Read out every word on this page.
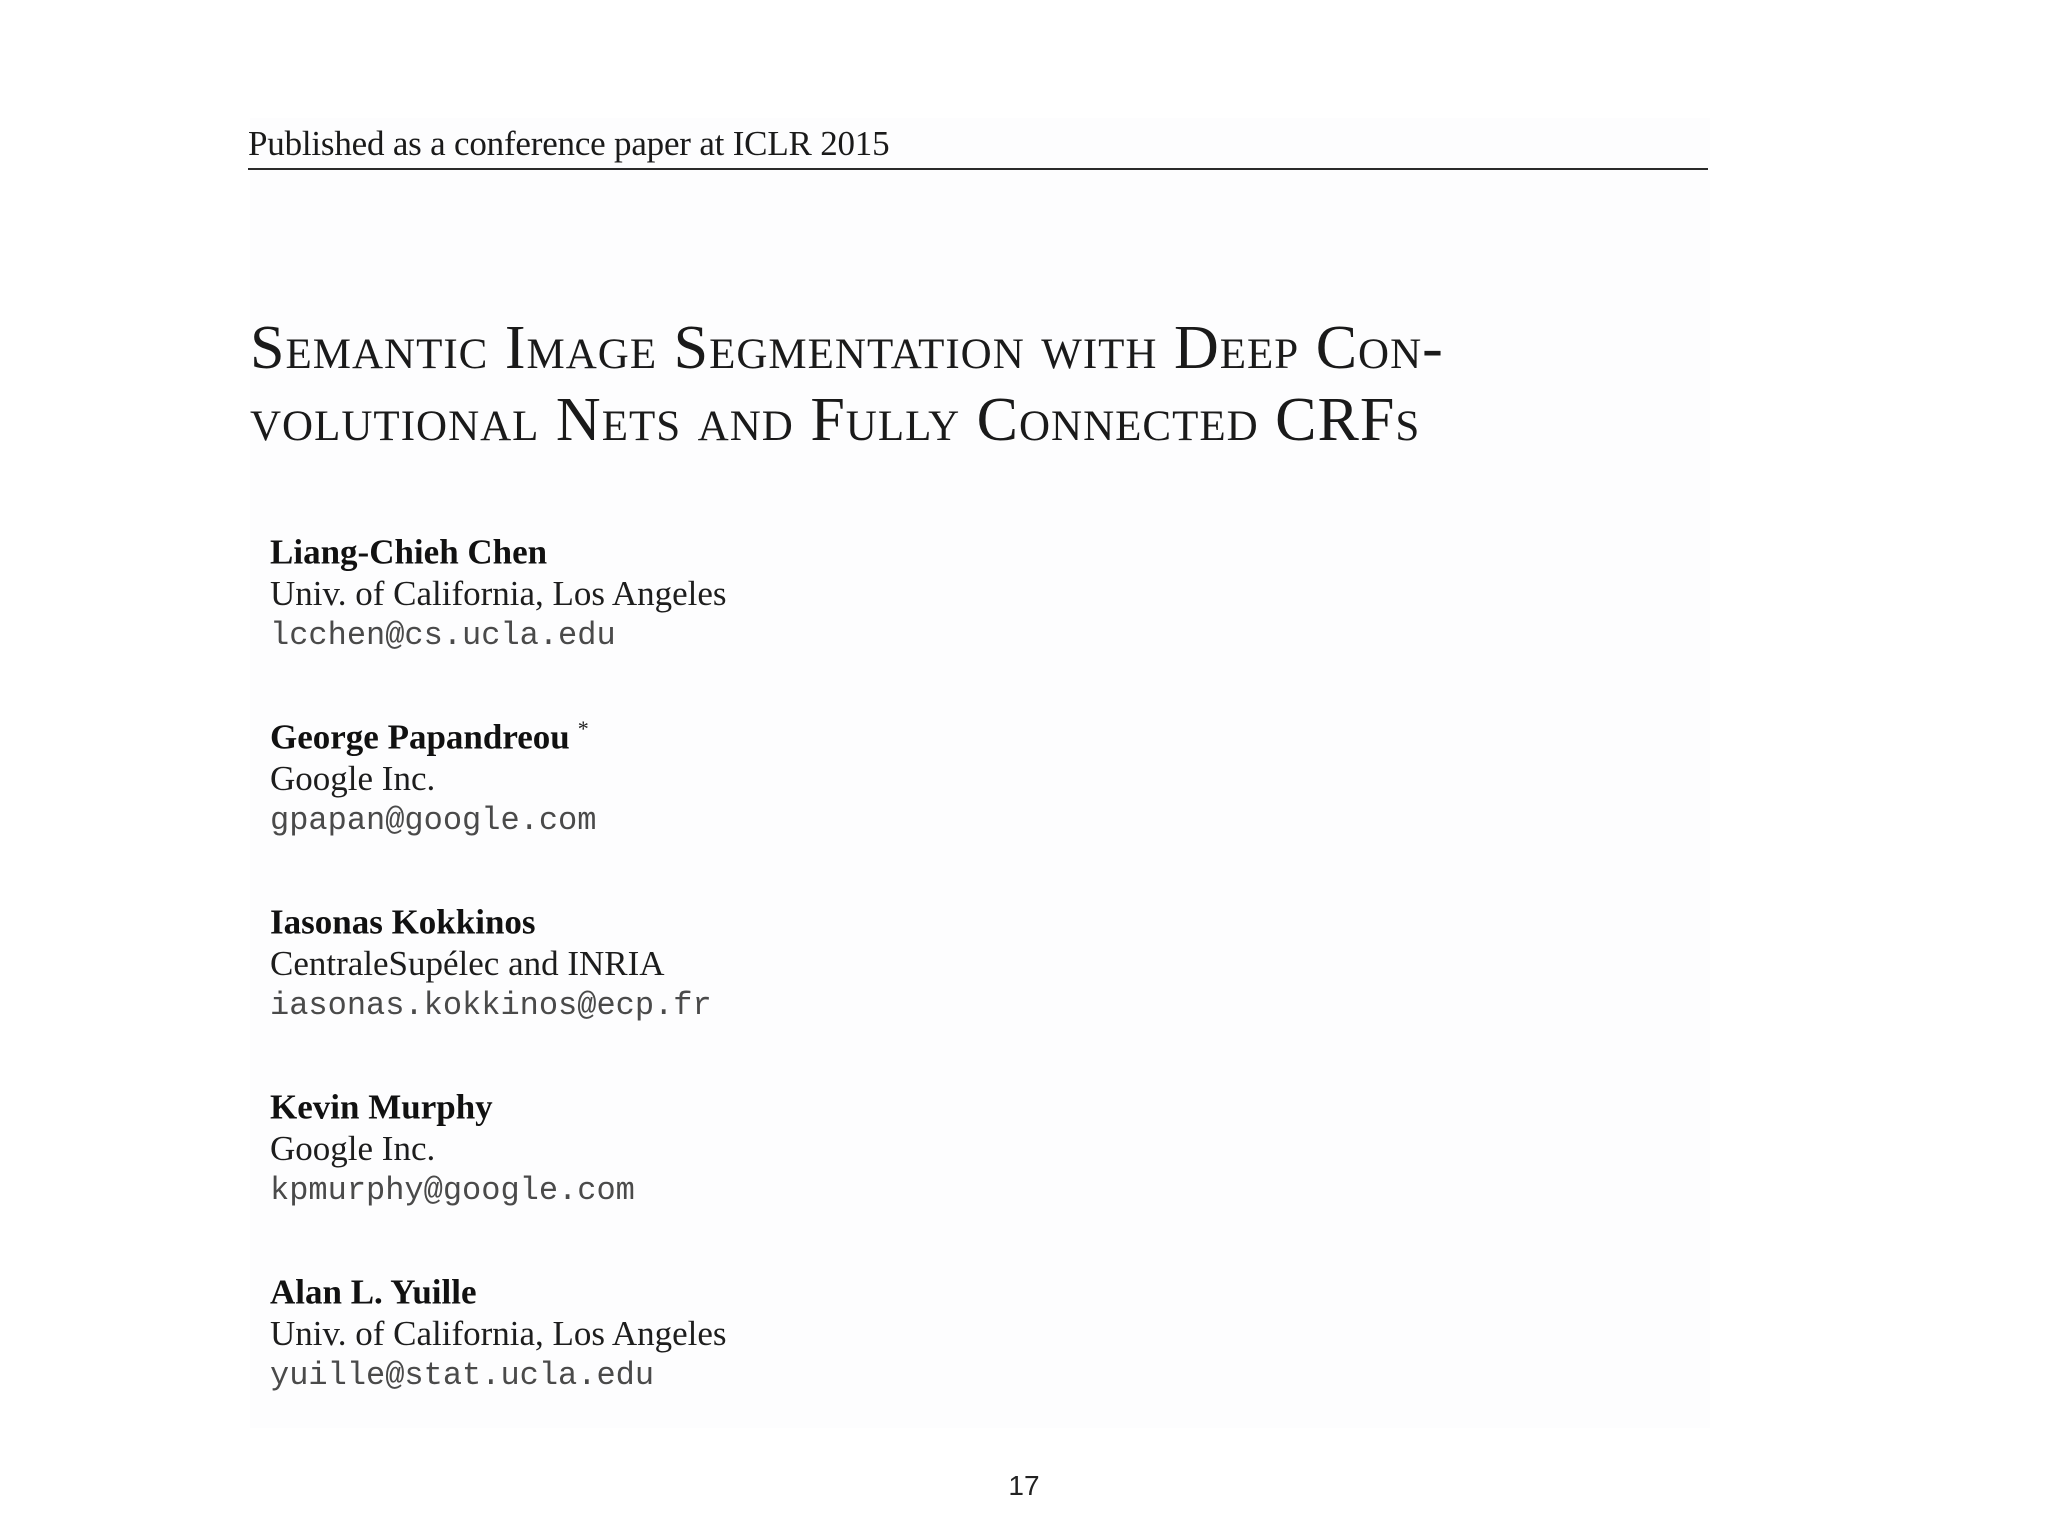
Published as a conference paper at ICLR 2015
Semantic Image Segmentation with Deep Con-
volutional Nets and Fully Connected CRFs
Liang-Chieh Chen
Univ. of California, Los Angeles
lcchen@cs.ucla.edu
George Papandreou *
Google Inc.
gpapan@google.com
Iasonas Kokkinos
CentraleSupélec and INRIA
iasonas.kokkinos@ecp.fr
Kevin Murphy
Google Inc.
kpmurphy@google.com
Alan L. Yuille
Univ. of California, Los Angeles
yuille@stat.ucla.edu
17
